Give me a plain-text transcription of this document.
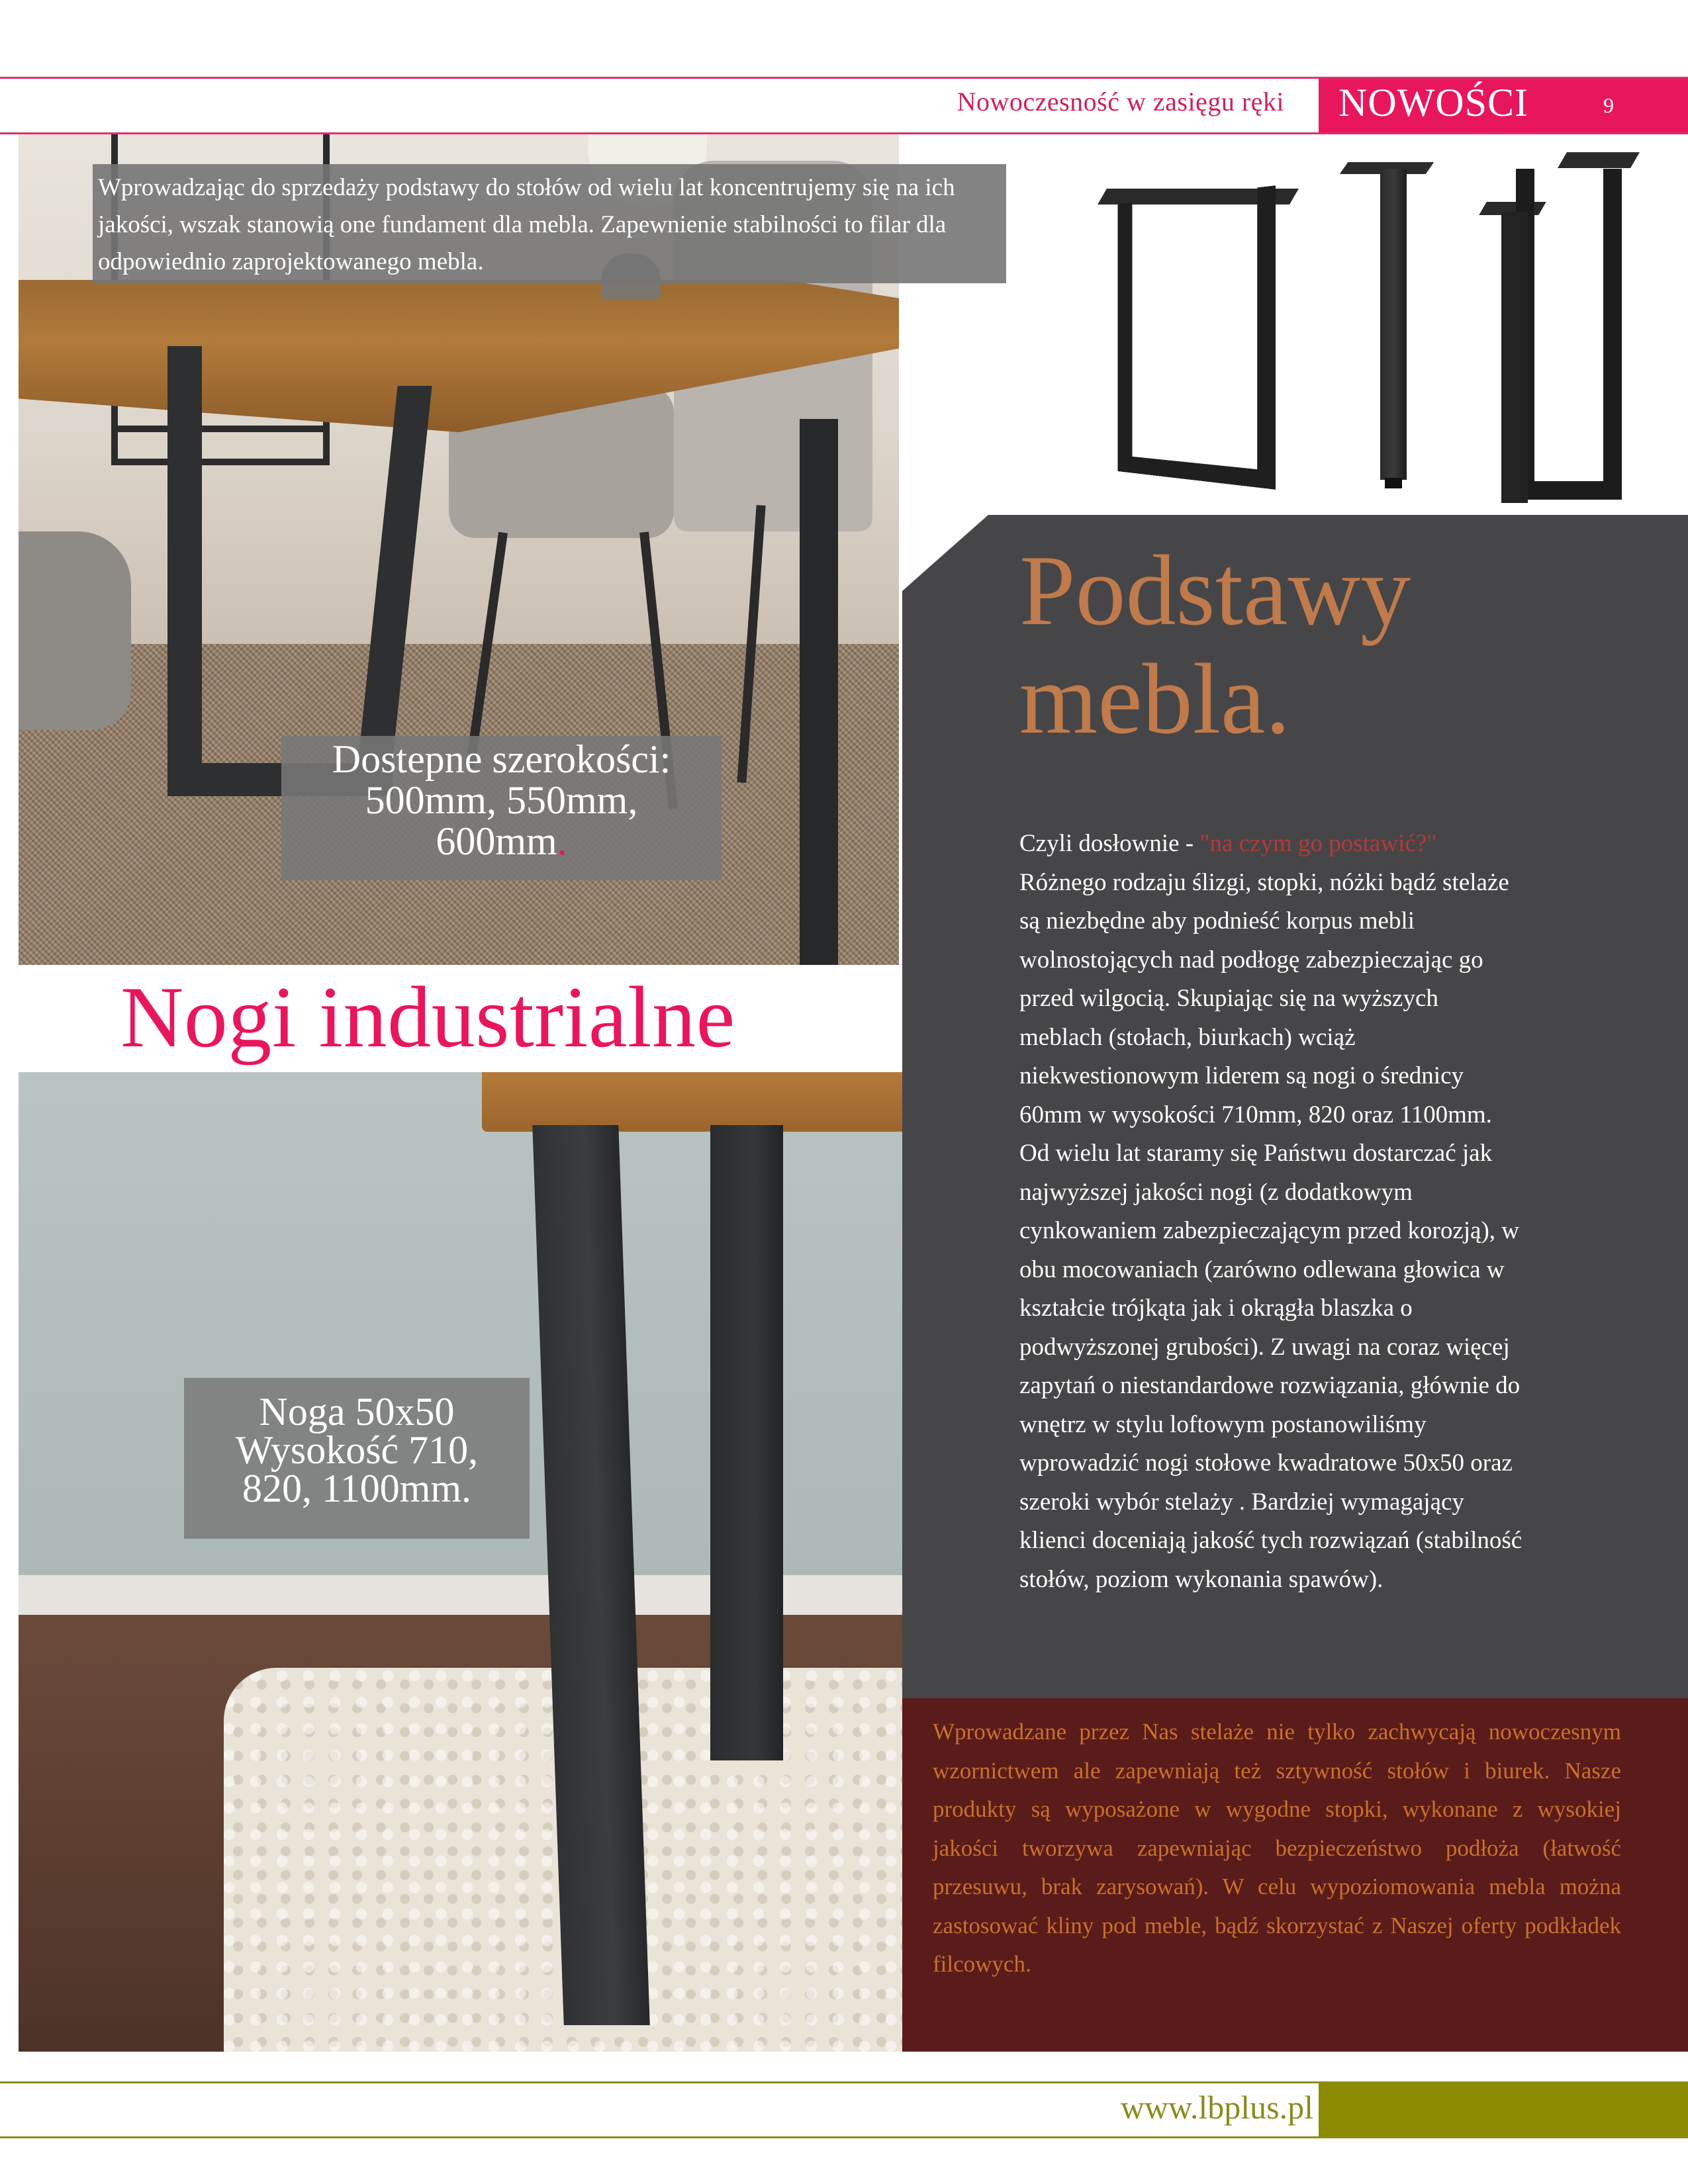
Nowoczesność w zasięgu ręki NOWOŚCI	9
Wprowadzając do sprzedaży podstawy do stołów od wielu lat koncentrujemy się na ich jakości, wszak stanowią one fundament dla mebla. Zapewnienie stabilności to filar dla odpowiednio zaprojektowanego mebla.
Dostepne szerokości:
500mm, 550mm,
600mm.
Podstawy
mebla.
Czyli dosłownie - "na czym go postawić?" Różnego rodzaju ślizgi, stopki, nóżki bądź stelaże są niezbędne aby podnieść korpus mebli wolnostojących nad podłogę zabezpieczając go przed wilgocią. Skupiając się na wyższych meblach (stołach, biurkach) wciąż niekwestionowym liderem są nogi o średnicy 60mm w wysokości 710mm, 820 oraz 1100mm. Od wielu lat staramy się Państwu dostarczać jak najwyższej jakości nogi (z dodatkowym cynkowaniem zabezpieczającym przed korozją), w obu mocowaniach (zarówno odlewana głowica w kształcie trójkąta jak i okrągła blaszka o podwyższonej grubości). Z uwagi na coraz więcej zapytań o niestandardowe rozwiązania, głównie do wnętrz w stylu loftowym postanowiliśmy wprowadzić nogi stołowe kwadratowe 50x50 oraz szeroki wybór stelaży . Bardziej wymagający klienci doceniają jakość tych rozwiązań (stabilność stołów, poziom wykonania spawów).
Nogi industrialne
Noga 50x50
Wysokość 710,
820, 1100mm.
Wprowadzane przez Nas stelaże nie tylko zachwycają nowoczesnym wzornictwem ale zapewniają też sztywność stołów i biurek. Nasze produkty są wyposażone w wygodne stopki, wykonane z wysokiej jakości tworzywa zapewniając bezpieczeństwo podłoża (łatwość przesuwu, brak zarysowań). W celu wypoziomowania mebla można zastosować kliny pod meble, bądź skorzystać z Naszej oferty podkładek filcowych.
www.lbplus.pl
